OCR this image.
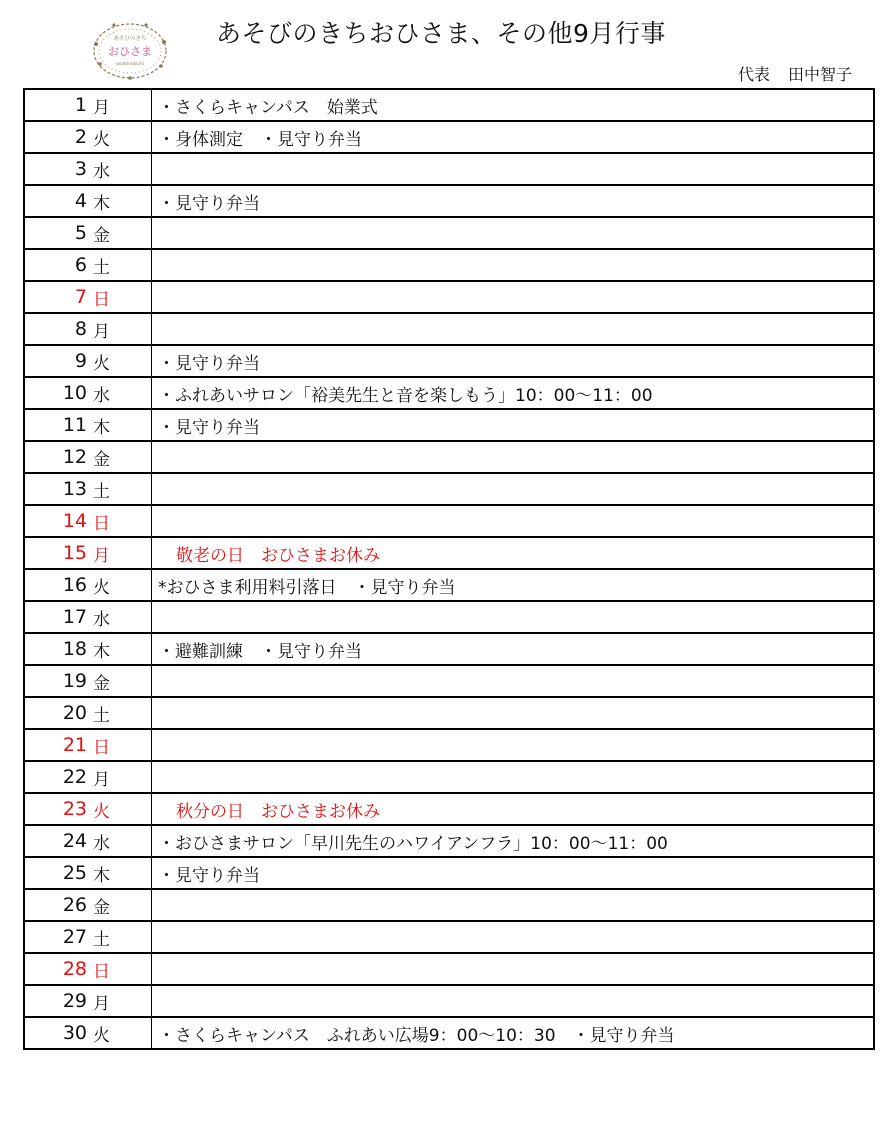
あそびのきち
おひさま
asobinokichi
あそびのきちおひさま、その他9月行事
代表 田中智子
1	月	・さくらキャンパス　始業式
2	火	・身体測定　・見守り弁当
3	水	
4	木	・見守り弁当
5	金	
6	土	
7	日	
8	月	
9	火	・見守り弁当
10	水	・ふれあいサロン「裕美先生と音を楽しもう」10：00〜11：00
11	木	・見守り弁当
12	金	
13	土	
14	日	
15	月	敬老の日　おひさまお休み
16	火	*おひさま利用料引落日　・見守り弁当
17	水	
18	木	・避難訓練　・見守り弁当
19	金	
20	土	
21	日	
22	月	
23	火	秋分の日　おひさまお休み
24	水	・おひさまサロン「早川先生のハワイアンフラ」10：00〜11：00
25	木	・見守り弁当
26	金	
27	土	
28	日	
29	月	
30	火	・さくらキャンパス　ふれあい広場9：00〜10：30　・見守り弁当
